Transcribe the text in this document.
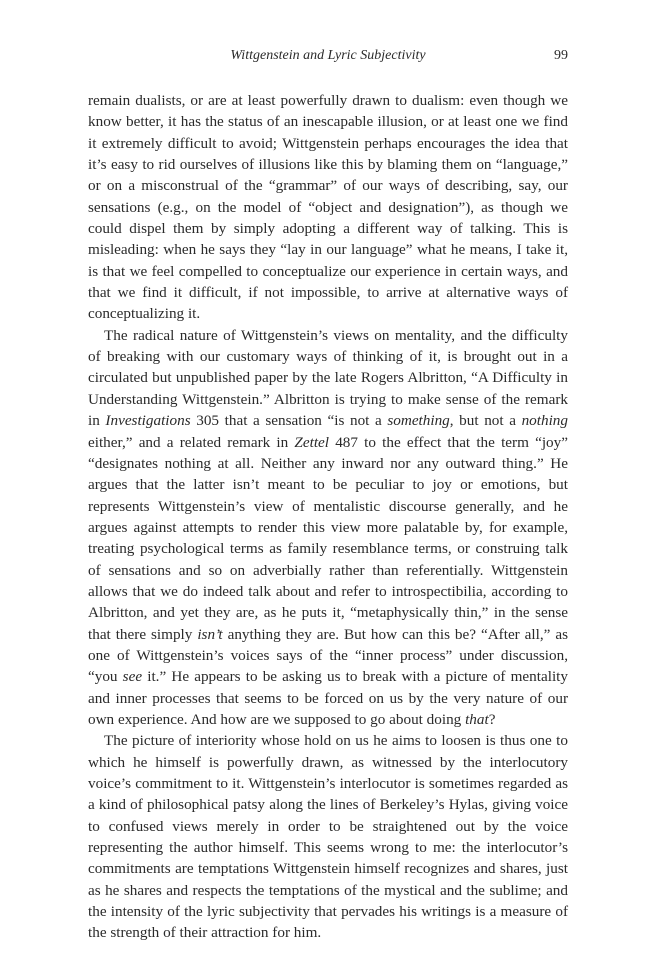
Wittgenstein and Lyric Subjectivity	99

remain dualists, or are at least powerfully drawn to dualism: even though we know better, it has the status of an inescapable illusion, or at least one we find it extremely difficult to avoid; Wittgenstein perhaps encourages the idea that it’s easy to rid ourselves of illusions like this by blaming them on “language,” or on a misconstrual of the “grammar” of our ways of describing, say, our sensations (e.g., on the model of “object and designation”), as though we could dispel them by simply adopting a different way of talking. This is misleading: when he says they “lay in our language” what he means, I take it, is that we feel compelled to conceptualize our experience in certain ways, and that we find it difficult, if not impossible, to arrive at alternative ways of conceptualizing it.

The radical nature of Wittgenstein’s views on mentality, and the difficulty of breaking with our customary ways of thinking of it, is brought out in a circulated but unpublished paper by the late Rogers Albritton, “A Difficulty in Understanding Wittgenstein.” Albritton is trying to make sense of the remark in Investigations 305 that a sensation “is not a something, but not a nothing either,” and a related remark in Zettel 487 to the effect that the term “joy” “designates nothing at all. Neither any inward nor any outward thing.” He argues that the latter isn’t meant to be peculiar to joy or emotions, but represents Wittgenstein’s view of mentalistic discourse generally, and he argues against attempts to render this view more palatable by, for example, treating psychological terms as family resemblance terms, or construing talk of sensations and so on adverbially rather than referentially. Wittgenstein allows that we do indeed talk about and refer to introspectibilia, according to Albritton, and yet they are, as he puts it, “metaphysically thin,” in the sense that there simply isn’t anything they are. But how can this be? “After all,” as one of Wittgenstein’s voices says of the “inner process” under discussion, “you see it.” He appears to be asking us to break with a picture of mentality and inner processes that seems to be forced on us by the very nature of our own experience. And how are we supposed to go about doing that?

The picture of interiority whose hold on us he aims to loosen is thus one to which he himself is powerfully drawn, as witnessed by the interlocutory voice’s commitment to it. Wittgenstein’s interlocutor is sometimes regarded as a kind of philosophical patsy along the lines of Berkeley’s Hylas, giving voice to confused views merely in order to be straightened out by the voice representing the author himself. This seems wrong to me: the interlocutor’s commitments are temptations Wittgenstein himself recognizes and shares, just as he shares and respects the temptations of the mystical and the sublime; and the intensity of the lyric subjectivity that pervades his writings is a measure of the strength of their attraction for him.
